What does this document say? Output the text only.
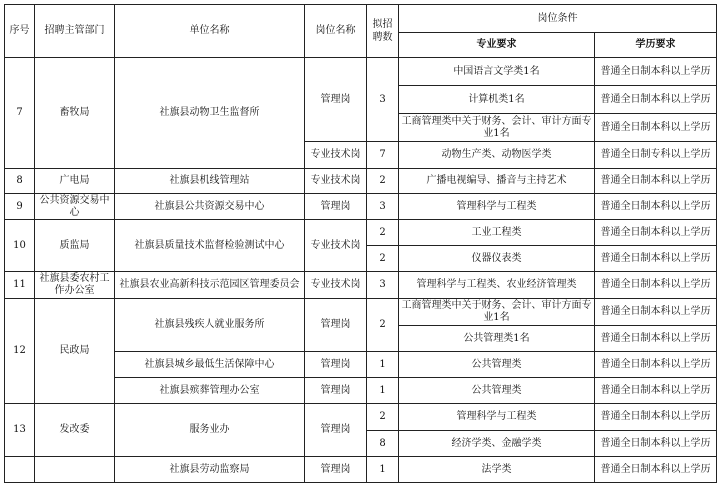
序号	招聘主管部门	单位名称	岗位名称	拟招聘数	岗位条件	
					专业要求	学历要求
7	畜牧局	社旗县动物卫生监督所	管理岗	3	中国语言文学类1名	普通全日制本科以上学历
					计算机类1名	普通全日制本科以上学历
					工商管理类中关于财务、会计、审计方面专业1名	普通全日制本科以上学历
			专业技术岗	7	动物生产类、动物医学类	普通全日制专科以上学历
8	广电局	社旗县机线管理站	专业技术岗	2	广播电视编导、播音与主持艺术	普通全日制本科以上学历
9	公共资源交易中心	社旗县公共资源交易中心	管理岗	3	管理科学与工程类	普通全日制本科以上学历
10	质监局	社旗县质量技术监督检验测试中心	专业技术岗	2	工业工程类	普通全日制本科以上学历
				2	仪器仪表类	普通全日制本科以上学历
11	社旗县委农村工作办公室	社旗县农业高新科技示范园区管理委员会	专业技术岗	3	管理科学与工程类、农业经济管理类	普通全日制本科以上学历
12	民政局	社旗县残疾人就业服务所	管理岗	2	工商管理类中关于财务、会计、审计方面专业1名	普通全日制本科以上学历
					公共管理类1名	普通全日制本科以上学历
		社旗县城乡最低生活保障中心	管理岗	1	公共管理类	普通全日制本科以上学历
		社旗县殡葬管理办公室	管理岗	1	公共管理类	普通全日制本科以上学历
13	发改委	服务业办	管理岗	2	管理科学与工程类	普通全日制本科以上学历
				8	经济学类、金融学类	普通全日制本科以上学历
		社旗县劳动监察局	管理岗	1	法学类	普通全日制本科以上学历
